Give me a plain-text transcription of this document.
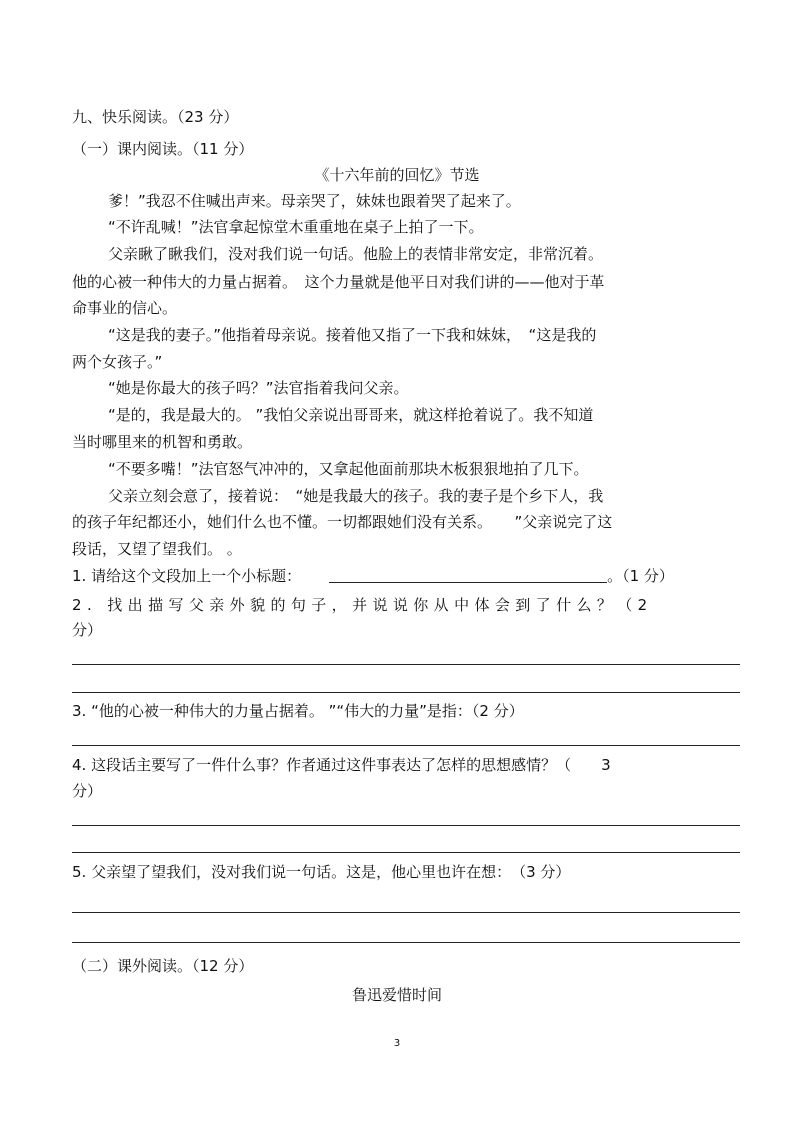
九、快乐阅读。（23 分）
（一）课内阅读。（11 分）
《十六年前的回忆》节选
爹！”我忍不住喊出声来。母亲哭了，妹妹也跟着哭了起来了。
“不许乱喊！”法官拿起惊堂木重重地在桌子上拍了一下。
父亲瞅了瞅我们，没对我们说一句话。他脸上的表情非常安定，非常沉着。
他的心被一种伟大的力量占据着。　这个力量就是他平日对我们讲的——他对于革
命事业的信心。
“这是我的妻子。”他指着母亲说。接着他又指了一下我和妹妹，　“这是我的
两个女孩子。”
“她是你最大的孩子吗？”法官指着我问父亲。
“是的，我是最大的。 ”我怕父亲说出哥哥来，就这样抢着说了。我不知道
当时哪里来的机智和勇敢。
“不要多嘴！”法官怒气冲冲的，又拿起他面前那块木板狠狠地拍了几下。
父亲立刻会意了，接着说：　“她是我最大的孩子。我的妻子是个乡下人，我
的孩子年纪都还小，她们什么也不懂。一切都跟她们没有关系。　　”父亲说完了这
段话，又望了望我们。 。
1. 请给这个文段加上一个小标题：	。（1 分）
2. 找出描写父亲外貌的句子，并说说你从中体会到了什么？（2
分）
3. “他的心被一种伟大的力量占据着。 ”“伟大的力量”是指：（2 分）
4. 这段话主要写了一件什么事？作者通过这件事表达了怎样的思想感情？（　　3
分）
5. 父亲望了望我们，没对我们说一句话。这是，他心里也许在想：　（3 分）
（二）课外阅读。（12 分）
鲁迅爱惜时间
3
